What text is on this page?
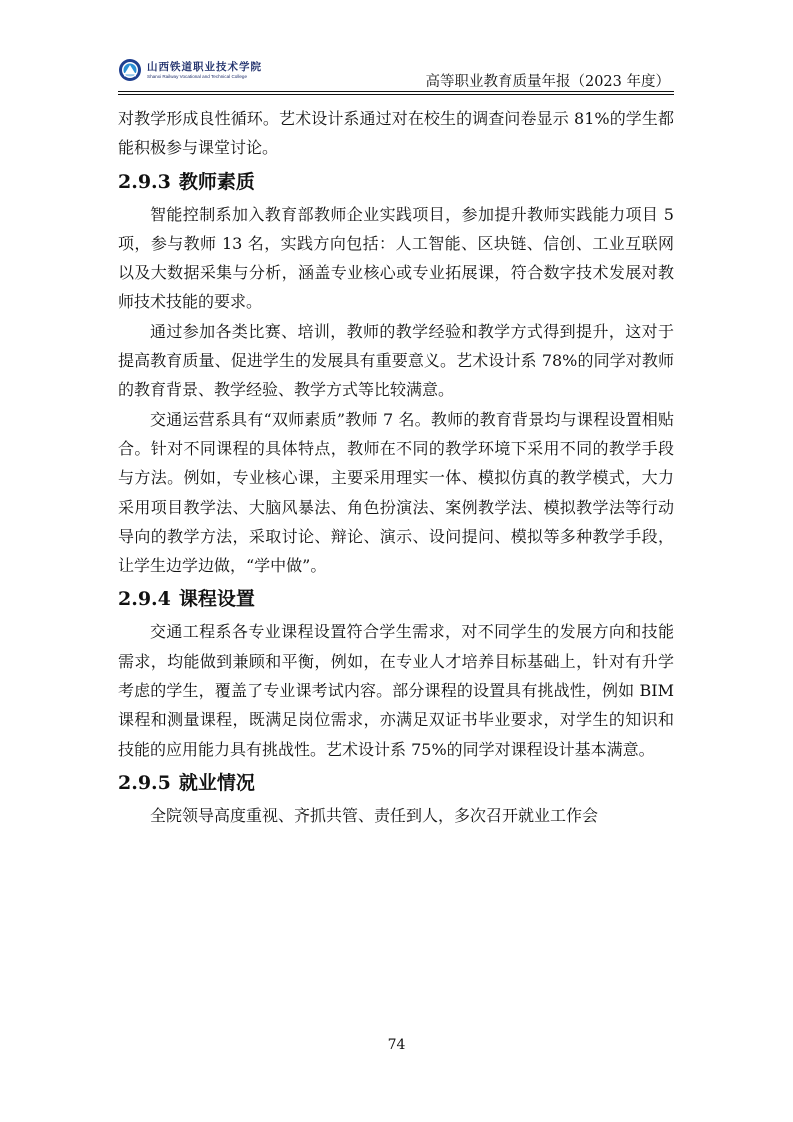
山西铁道职业技术学院
Shanxi Railway Vocational and Technical College	高等职业教育质量年报（2023 年度）

对教学形成良性循环。艺术设计系通过对在校生的调查问卷显示 81%的学生都能积极参与课堂讨论。

2.9.3 教师素质

智能控制系加入教育部教师企业实践项目，参加提升教师实践能力项目 5 项，参与教师 13 名，实践方向包括：人工智能、区块链、信创、工业互联网以及大数据采集与分析，涵盖专业核心或专业拓展课，符合数字技术发展对教师技术技能的要求。

通过参加各类比赛、培训，教师的教学经验和教学方式得到提升，这对于提高教育质量、促进学生的发展具有重要意义。艺术设计系 78%的同学对教师的教育背景、教学经验、教学方式等比较满意。

交通运营系具有“双师素质”教师 7 名。教师的教育背景均与课程设置相贴合。针对不同课程的具体特点，教师在不同的教学环境下采用不同的教学手段与方法。例如，专业核心课，主要采用理实一体、模拟仿真的教学模式，大力采用项目教学法、大脑风暴法、角色扮演法、案例教学法、模拟教学法等行动导向的教学方法，采取讨论、辩论、演示、设问提问、模拟等多种教学手段，让学生边学边做，“学中做”。

2.9.4 课程设置

交通工程系各专业课程设置符合学生需求，对不同学生的发展方向和技能需求，均能做到兼顾和平衡，例如，在专业人才培养目标基础上，针对有升学考虑的学生，覆盖了专业课考试内容。部分课程的设置具有挑战性，例如 BIM 课程和测量课程，既满足岗位需求，亦满足双证书毕业要求，对学生的知识和技能的应用能力具有挑战性。艺术设计系 75%的同学对课程设计基本满意。

2.9.5 就业情况

全院领导高度重视、齐抓共管、责任到人，多次召开就业工作会

74
